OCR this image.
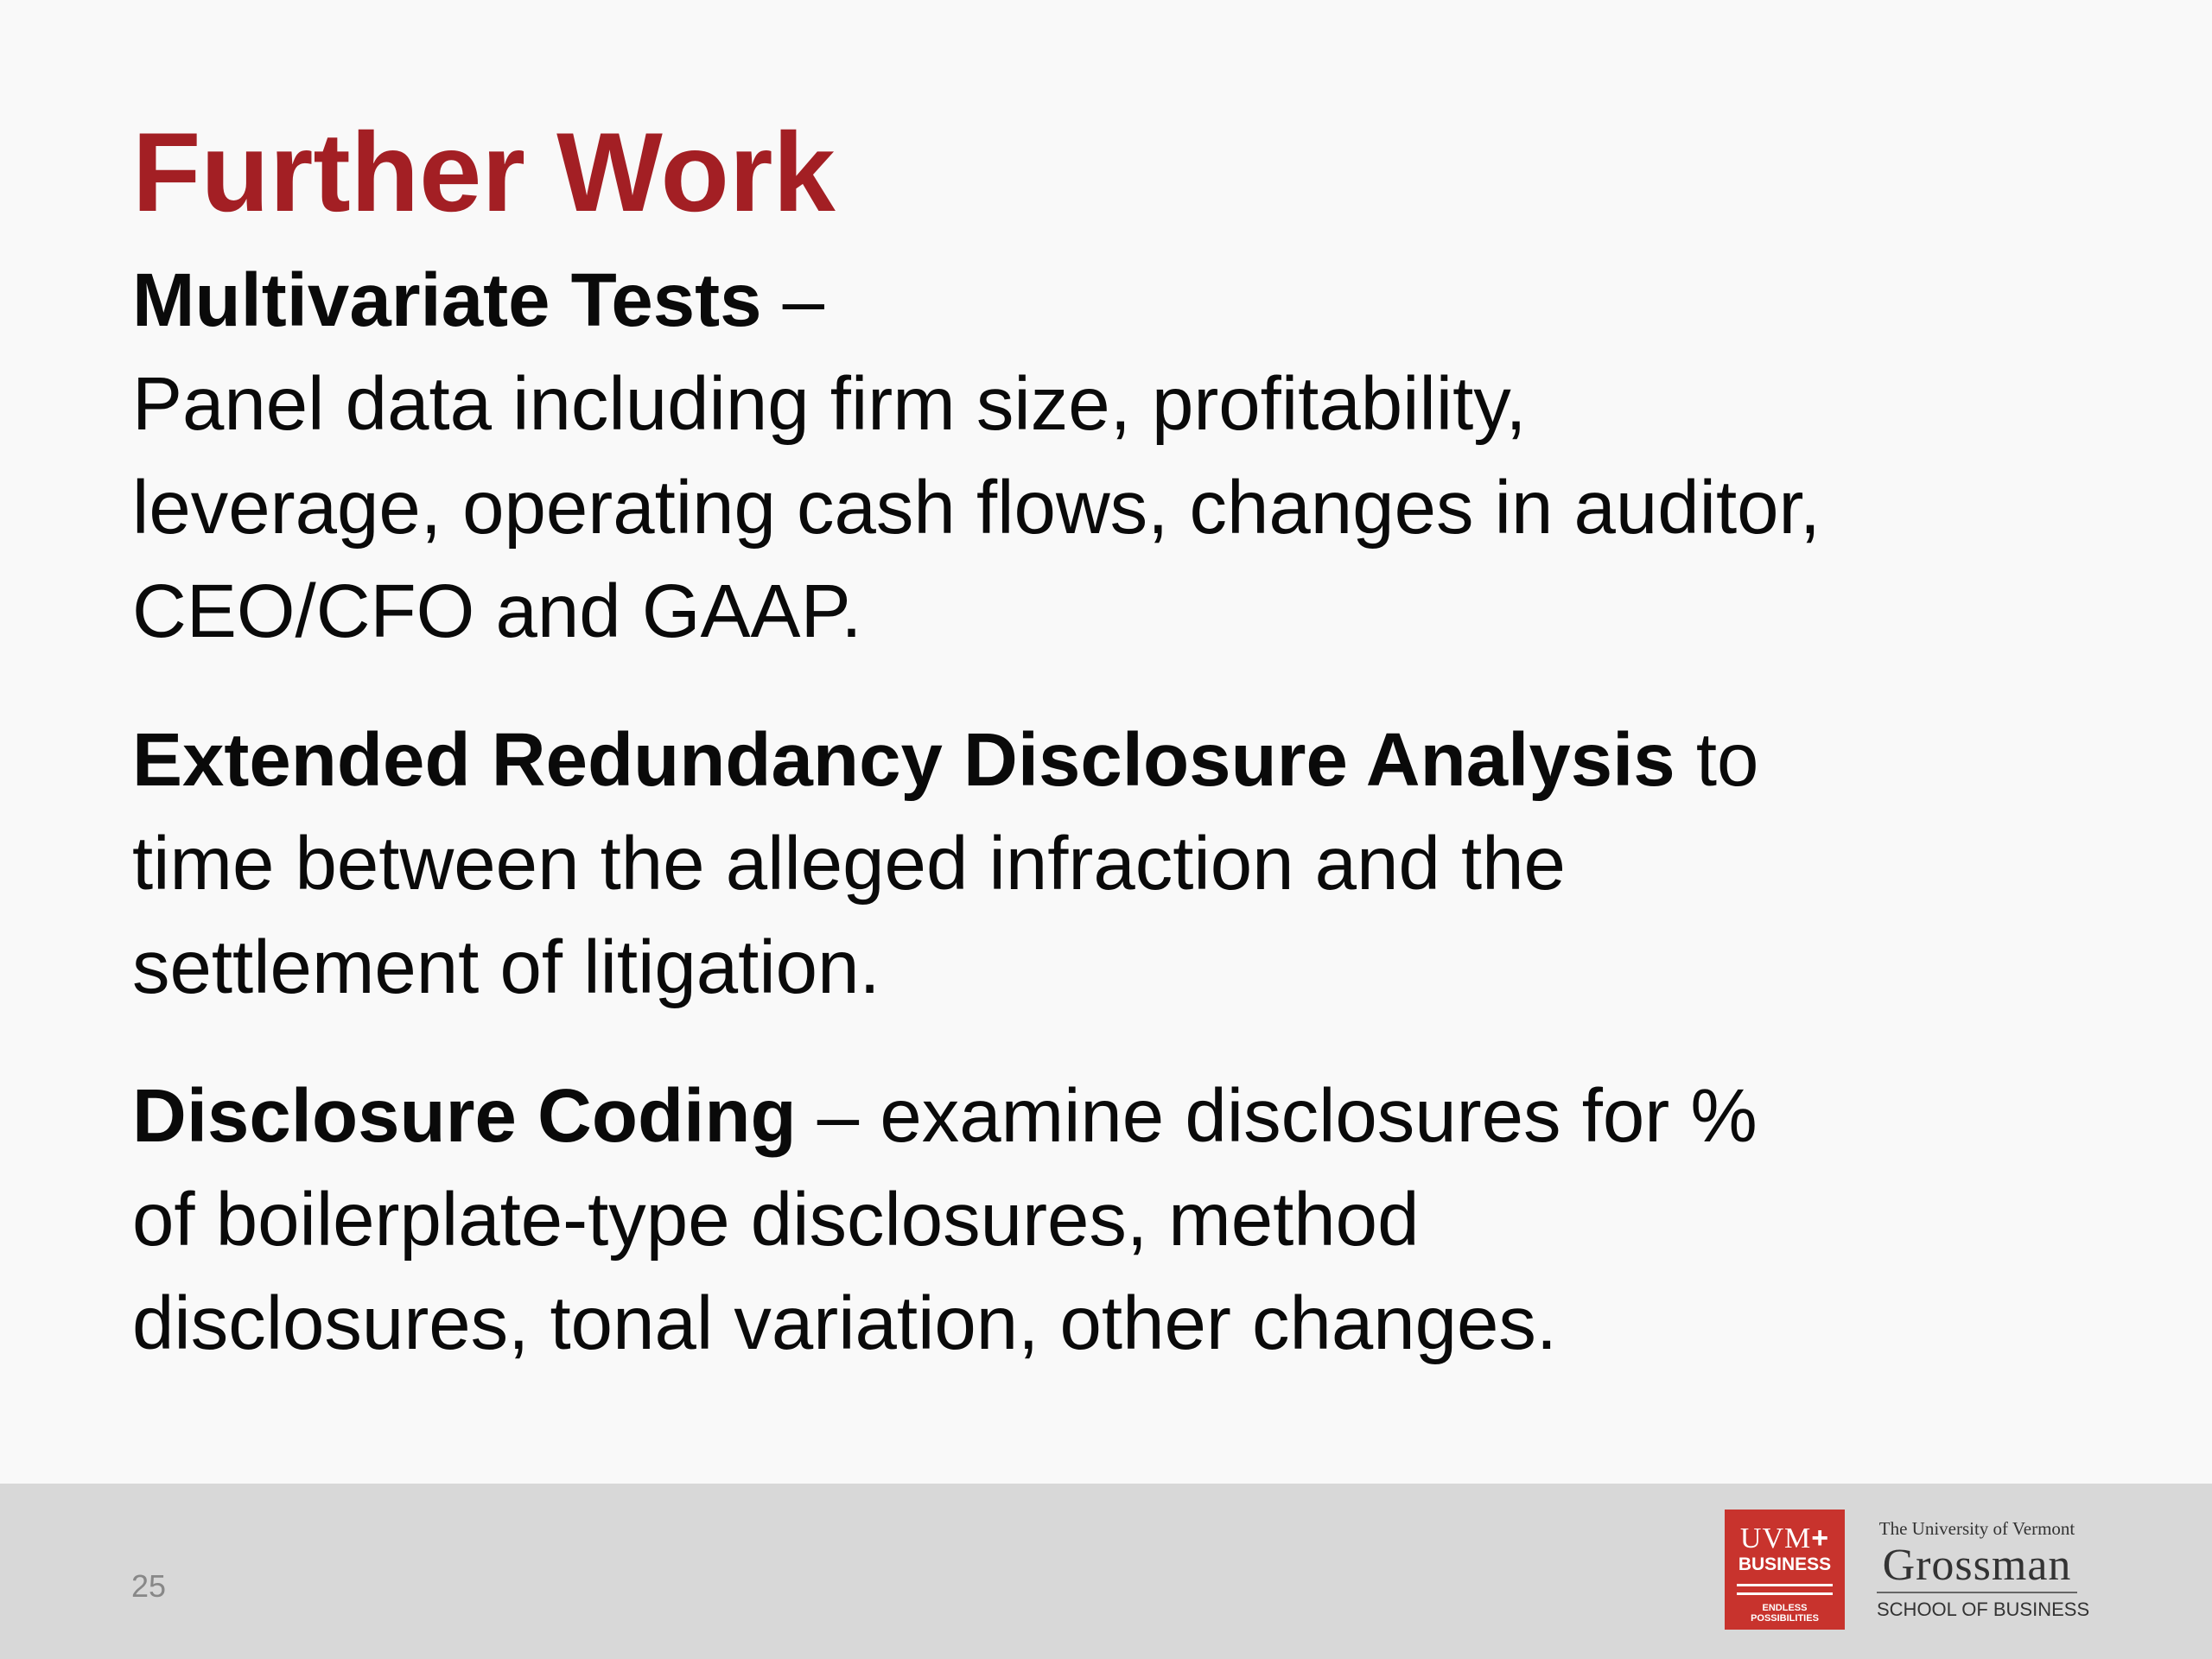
Further Work

Multivariate Tests –
Panel data including firm size, profitability,
leverage, operating cash flows, changes in auditor,
CEO/CFO and GAAP.

Extended Redundancy Disclosure Analysis to
time between the alleged infraction and the
settlement of litigation.

Disclosure Coding – examine disclosures for %
of boilerplate-type disclosures, method
disclosures, tonal variation, other changes.

25
UVM+
BUSINESS
ENDLESS
POSSIBILITIES
The University of Vermont
Grossman
SCHOOL OF BUSINESS
